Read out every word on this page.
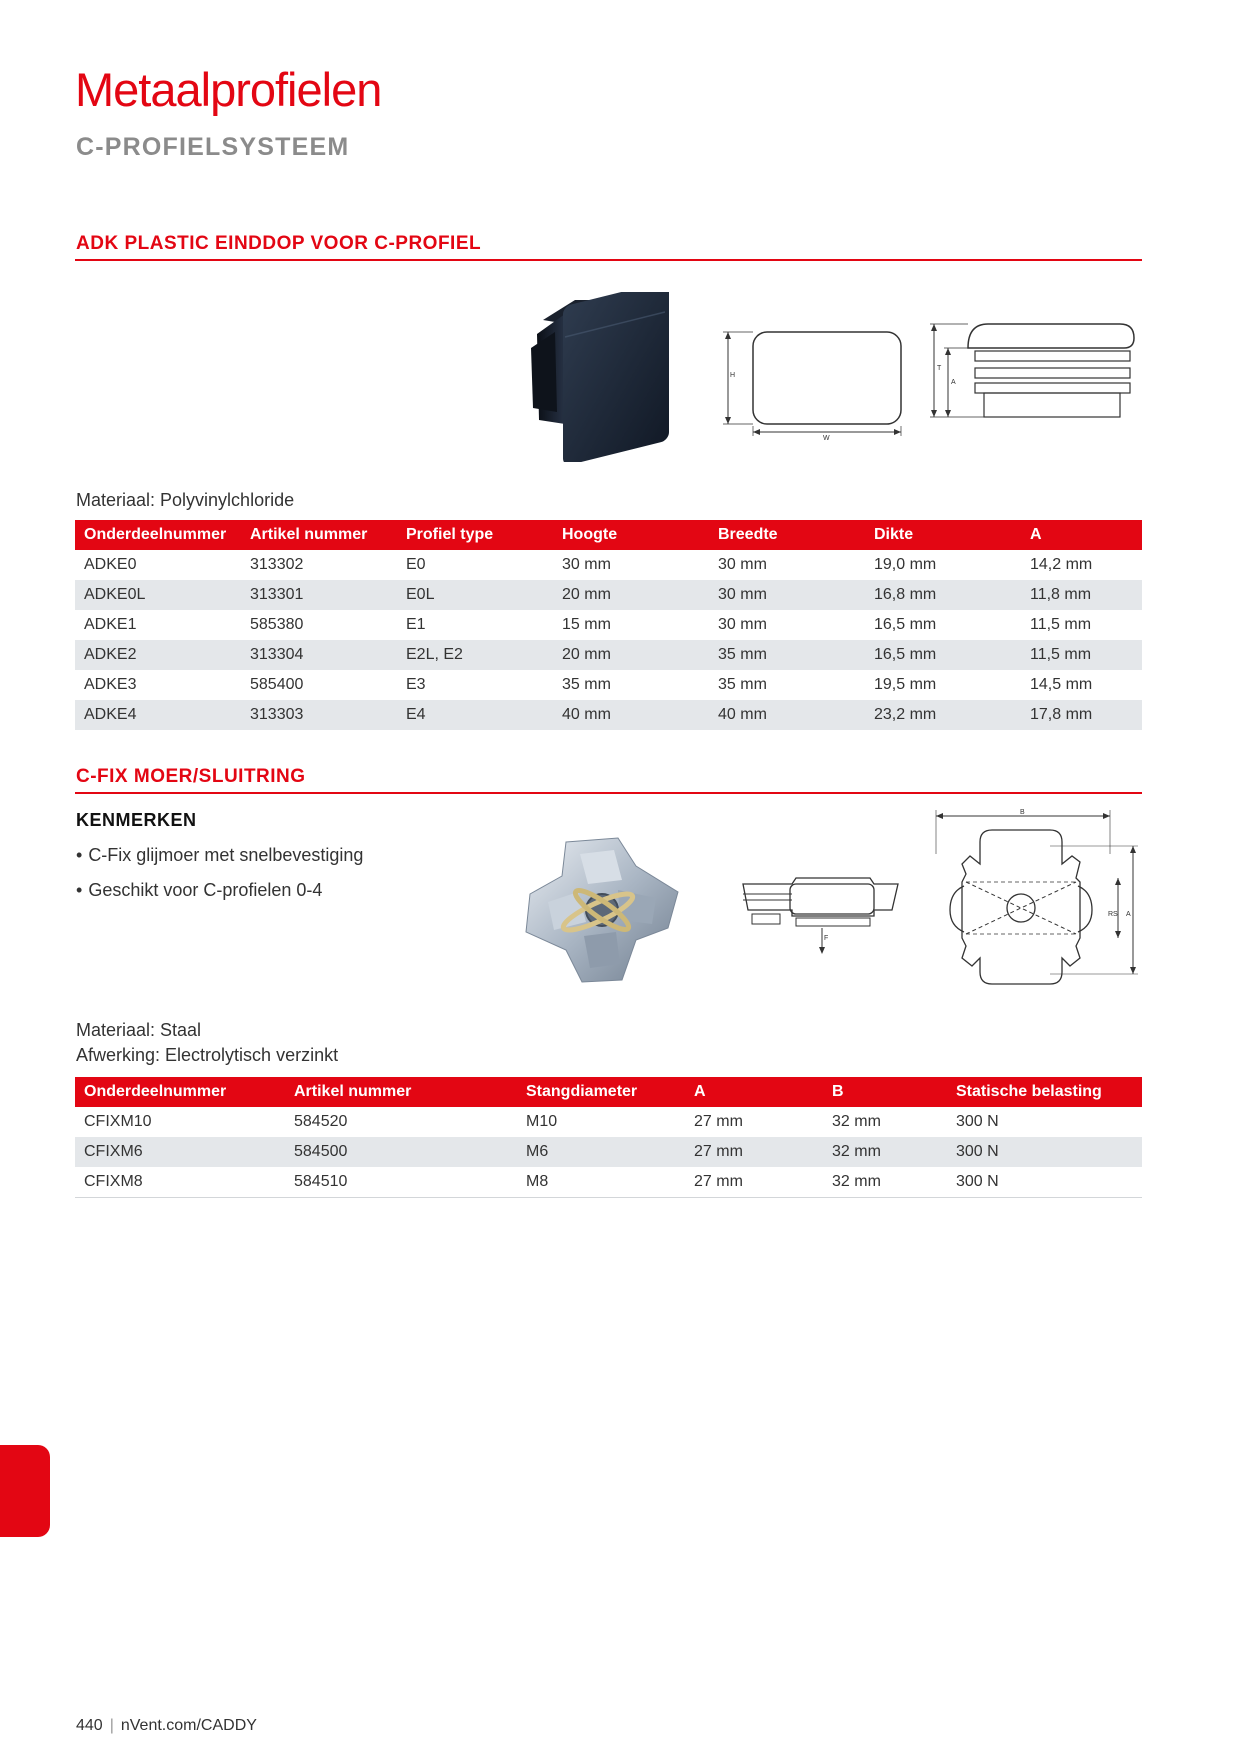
Metaalprofielen
C-PROFIELSYSTEEM
ADK PLASTIC EINDDOP VOOR C-PROFIEL
H
W
T
A
Materiaal: Polyvinylchloride
Onderdeelnummer	Artikel nummer	Profiel type	Hoogte	Breedte	Dikte	A
ADKE0	313302	E0	30 mm	30 mm	19,0 mm	14,2 mm
ADKE0L	313301	E0L	20 mm	30 mm	16,8 mm	11,8 mm
ADKE1	585380	E1	15 mm	30 mm	16,5 mm	11,5 mm
ADKE2	313304	E2L, E2	20 mm	35 mm	16,5 mm	11,5 mm
ADKE3	585400	E3	35 mm	35 mm	19,5 mm	14,5 mm
ADKE4	313303	E4	40 mm	40 mm	23,2 mm	17,8 mm
C-FIX MOER/SLUITRING
KENMERKEN
• C-Fix glijmoer met snelbevestiging
• Geschikt voor C-profielen 0-4
F
B
RS A
Materiaal: Staal
Afwerking: Electrolytisch verzinkt
Onderdeelnummer	Artikel nummer	Stangdiameter	A	B	Statische belasting
CFIXM10	584520	M10	27 mm	32 mm	300 N
CFIXM6	584500	M6	27 mm	32 mm	300 N
CFIXM8	584510	M8	27 mm	32 mm	300 N
440 | nVent.com/CADDY
